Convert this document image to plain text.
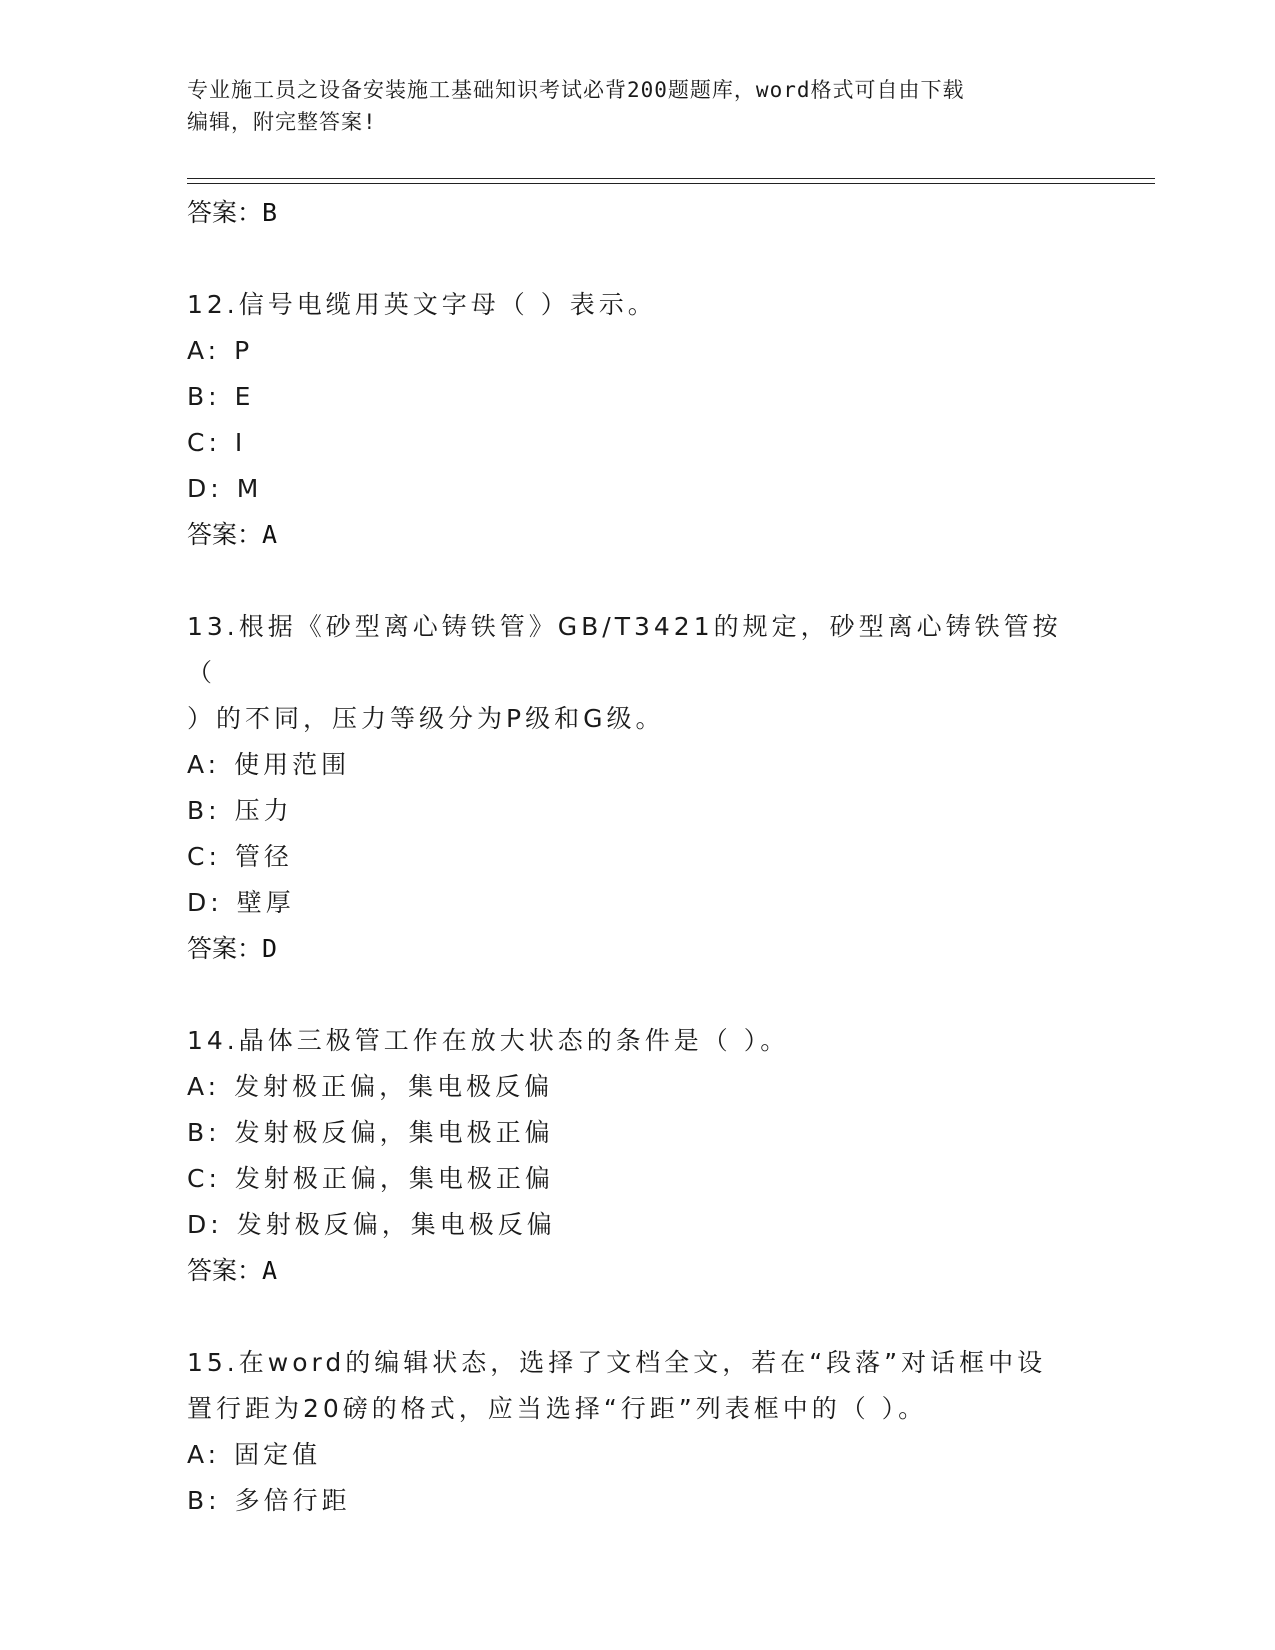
专业施工员之设备安装施工基础知识考试必背200题题库，word格式可自由下载
编辑，附完整答案!
答案：B
12.信号电缆用英文字母（ ）表示。
A: P
B: E
C: I
D: M
答案：A
13.根据《砂型离心铸铁管》GB/T3421的规定，砂型离心铸铁管按（
）的不同，压力等级分为P级和G级。
A: 使用范围
B: 压力
C: 管径
D: 壁厚
答案：D
14.晶体三极管工作在放大状态的条件是（ ）。
A: 发射极正偏，集电极反偏
B: 发射极反偏，集电极正偏
C: 发射极正偏，集电极正偏
D: 发射极反偏，集电极反偏
答案：A
15.在word的编辑状态，选择了文档全文，若在“段落”对话框中设
置行距为20磅的格式，应当选择“行距”列表框中的（ ）。
A: 固定值
B: 多倍行距
